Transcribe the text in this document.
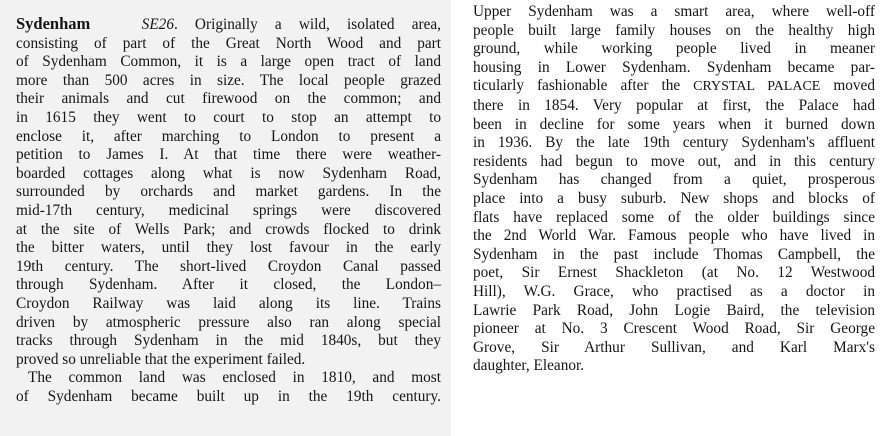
Sydenham	SE26. Originally a wild, isolated area,
consisting of part of the Great North Wood and part
of Sydenham Common, it is a large open tract of land
more than 500 acres in size. The local people grazed
their animals and cut firewood on the common; and
in 1615 they went to court to stop an attempt to
enclose it, after marching to London to present a
petition to James I. At that time there were weather-
boarded cottages along what is now Sydenham Road,
surrounded by orchards and market gardens. In the
mid-17th century, medicinal springs were discovered
at the site of Wells Park; and crowds flocked to drink
the bitter waters, until they lost favour in the early
19th century. The short-lived Croydon Canal passed
through Sydenham. After it closed, the London–
Croydon Railway was laid along its line. Trains
driven by atmospheric pressure also ran along special
tracks through Sydenham in the mid 1840s, but they
proved so unreliable that the experiment failed.
The common land was enclosed in 1810, and most
of Sydenham became built up in the 19th century.
Upper Sydenham was a smart area, where well-off
people built large family houses on the healthy high
ground, while working people lived in meaner
housing in Lower Sydenham. Sydenham became par-
ticularly fashionable after the CRYSTAL PALACE moved
there in 1854. Very popular at first, the Palace had
been in decline for some years when it burned down
in 1936. By the late 19th century Sydenham's affluent
residents had begun to move out, and in this century
Sydenham has changed from a quiet, prosperous
place into a busy suburb. New shops and blocks of
flats have replaced some of the older buildings since
the 2nd World War. Famous people who have lived in
Sydenham in the past include Thomas Campbell, the
poet, Sir Ernest Shackleton (at No. 12 Westwood
Hill), W.G. Grace, who practised as a doctor in
Lawrie Park Road, John Logie Baird, the television
pioneer at No. 3 Crescent Wood Road, Sir George
Grove, Sir Arthur Sullivan, and Karl Marx's
daughter, Eleanor.
